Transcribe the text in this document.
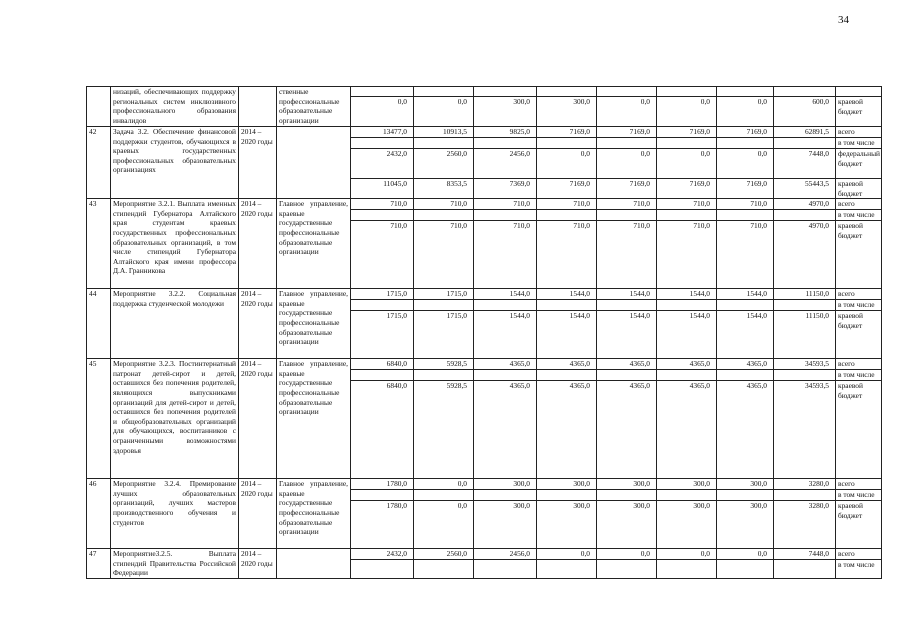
34
	низаций, обеспечивающих поддержку региональных систем инклюзивного профессионального образования инвалидов		ственные профессиональные образовательные организации									
				0,0	0,0	300,0	300,0	0,0	0,0	0,0	600,0	краевой бюджет
42	Задача 3.2. Обеспечение финансовой поддержки студентов, обучающихся в краевых государственных профессиональных образовательных организациях	2014 – 2020 годы		13477,0	10913,5	9825,0	7169,0	7169,0	7169,0	7169,0	62891,5	всего
												в том числе
				2432,0	2560,0	2456,0	0,0	0,0	0,0	0,0	7448,0	федеральный бюджет
				11045,0	8353,5	7369,0	7169,0	7169,0	7169,0	7169,0	55443,5	краевой бюджет
43	Мероприятие 3.2.1. Выплата именных стипендий Губернатора Алтайского края студентам краевых государственных профессиональных образовательных организаций, в том числе стипендий Губернатора Алтайского края имени профессора Д.А. Гранникова	2014 – 2020 годы	Главное управление, краевые государственные профессиональные образовательные организации	710,0	710,0	710,0	710,0	710,0	710,0	710,0	4970,0	всего
												в том числе
				710,0	710,0	710,0	710,0	710,0	710,0	710,0	4970,0	краевой бюджет
44	Мероприятие 3.2.2. Социальная поддержка студенческой молодежи	2014 – 2020 годы	Главное управление, краевые государственные профессиональные образовательные организации	1715,0	1715,0	1544,0	1544,0	1544,0	1544,0	1544,0	11150,0	всего
												в том числе
				1715,0	1715,0	1544,0	1544,0	1544,0	1544,0	1544,0	11150,0	краевой бюджет
45	Мероприятие 3.2.3. Постинтернатный патронат детей-сирот и детей, оставшихся без попечения родителей, являющихся выпускниками организаций для детей-сирот и детей, оставшихся без попечения родителей и общеобразовательных организаций для обучающихся, воспитанников с ограниченными возможностями здоровья	2014 – 2020 годы	Главное управление, краевые государственные профессиональные образовательные организации	6840,0	5928,5	4365,0	4365,0	4365,0	4365,0	4365,0	34593,5	всего
												в том числе
				6840,0	5928,5	4365,0	4365,0	4365,0	4365,0	4365,0	34593,5	краевой бюджет
46	Мероприятие 3.2.4. Премирование лучших образовательных организаций, лучших мастеров производственного обучения и студентов	2014 – 2020 годы	Главное управление, краевые государственные профессиональные образовательные организации	1780,0	0,0	300,0	300,0	300,0	300,0	300,0	3280,0	всего
												в том числе
				1780,0	0,0	300,0	300,0	300,0	300,0	300,0	3280,0	краевой бюджет
47	Мероприятие3.2.5. Выплата стипендий Правительства Российской Федерации	2014 – 2020 годы		2432,0	2560,0	2456,0	0,0	0,0	0,0	0,0	7448,0	всего
												в том числе
